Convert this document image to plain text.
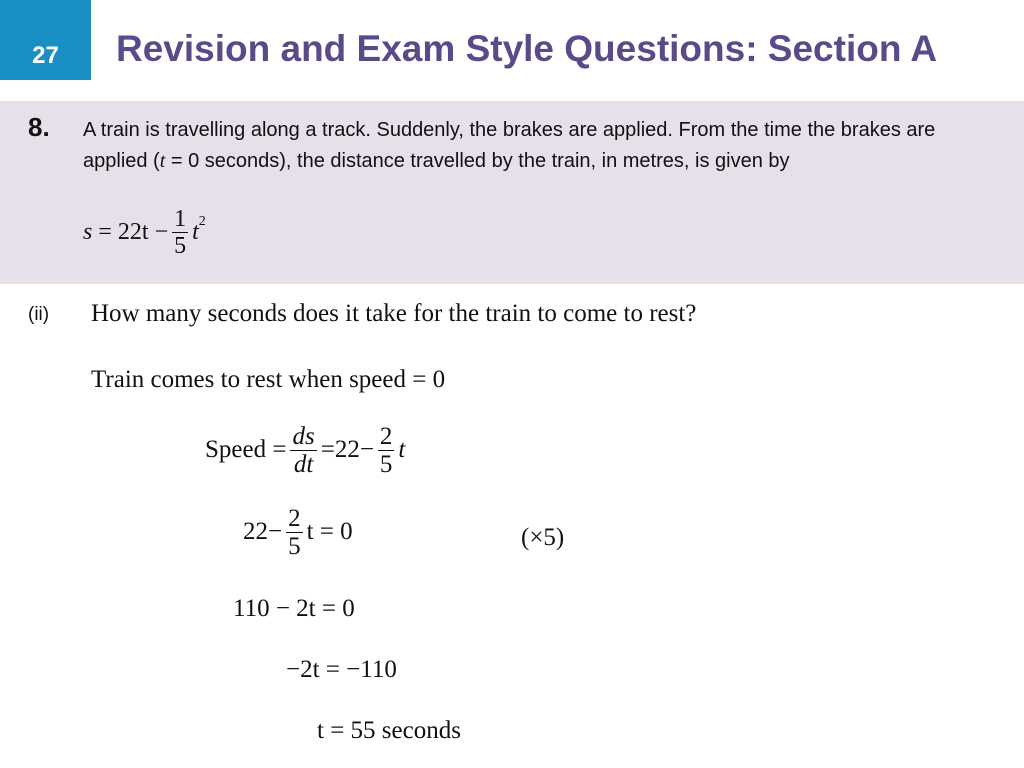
27 Revision and Exam Style Questions: Section A
8. A train is travelling along a track. Suddenly, the brakes are applied. From the time the brakes are applied (t = 0 seconds), the distance travelled by the train, in metres, is given by
$s = 22t - \frac{1}{5} t^2$
(ii) How many seconds does it take for the train to come to rest?
Train comes to rest when speed = 0
Speed = $\frac{ds}{dt} =22- \frac{2}{5}$ t
$22- \frac{2}{5}$ t = 0	(×5)
110 − 2t = 0
−2t = −110
t = 55 seconds
